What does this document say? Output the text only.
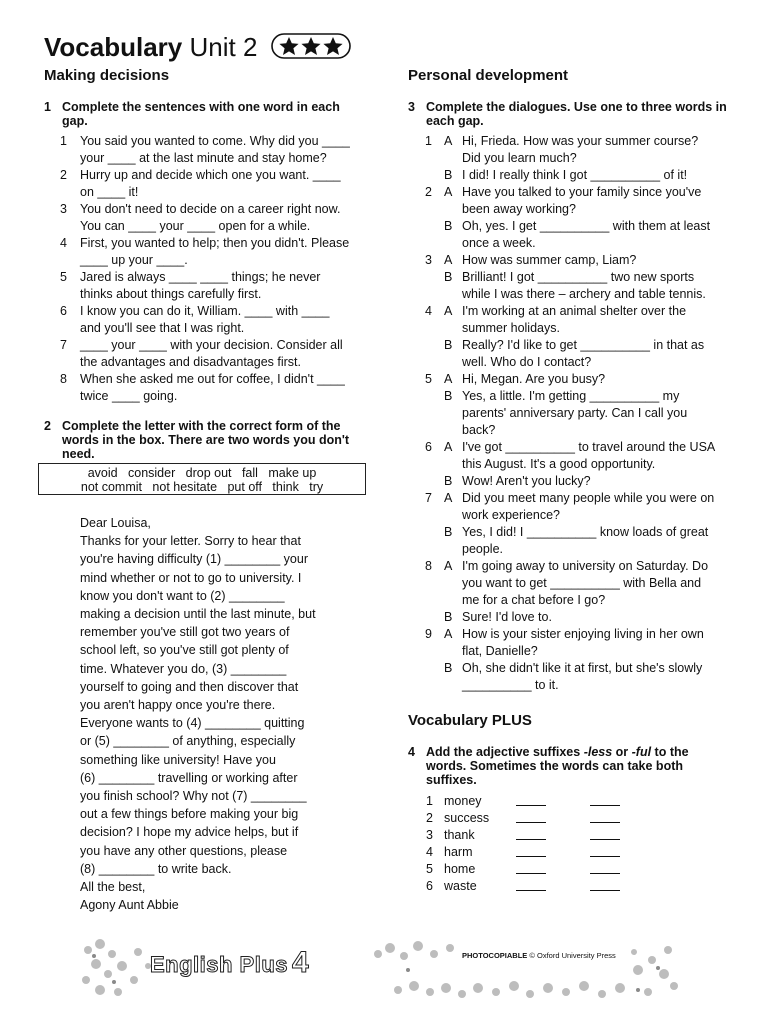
Vocabulary Unit 2
Making decisions
1 Complete the sentences with one word in each gap.
1 You said you wanted to come. Why did you ____
your ____ at the last minute and stay home?
2 Hurry up and decide which one you want. ____
on ____ it!
3 You don't need to decide on a career right now.
You can ____ your ____ open for a while.
4 First, you wanted to help; then you didn't. Please
____ up your ____.
5 Jared is always ____ ____ things; he never
thinks about things carefully first.
6 I know you can do it, William. ____ with ____
and you'll see that I was right.
7 ____ your ____ with your decision. Consider all
the advantages and disadvantages first.
8 When she asked me out for coffee, I didn't ____
twice ____ going.
2 Complete the letter with the correct form of the words in the box. There are two words you don't need.
avoid   consider   drop out   fall   make up
not commit   not hesitate   put off   think   try
Dear Louisa,
Thanks for your letter. Sorry to hear that
you're having difficulty (1) ________ your
mind whether or not to go to university. I
know you don't want to (2) ________
making a decision until the last minute, but
remember you've still got two years of
school left, so you've still got plenty of
time. Whatever you do, (3) ________
yourself to going and then discover that
you aren't happy once you're there.
Everyone wants to (4) ________ quitting
or (5) ________ of anything, especially
something like university! Have you
(6) ________ travelling or working after
you finish school? Why not (7) ________
out a few things before making your big
decision? I hope my advice helps, but if
you have any other questions, please
(8) ________ to write back.
All the best,
Agony Aunt Abbie
Personal development
3 Complete the dialogues. Use one to three words in each gap.
1 A Hi, Frieda. How was your summer course?
Did you learn much?
B I did! I really think I got __________ of it!
2 A Have you talked to your family since you've
been away working?
B Oh, yes. I get __________ with them at least
once a week.
3 A How was summer camp, Liam?
B Brilliant! I got __________ two new sports
while I was there – archery and table tennis.
4 A I'm working at an animal shelter over the
summer holidays.
B Really? I'd like to get __________ in that as
well. Who do I contact?
5 A Hi, Megan. Are you busy?
B Yes, a little. I'm getting __________ my
parents' anniversary party. Can I call you
back?
6 A I've got __________ to travel around the USA
this August. It's a good opportunity.
B Wow! Aren't you lucky?
7 A Did you meet many people while you were on
work experience?
B Yes, I did! I __________ know loads of great
people.
8 A I'm going away to university on Saturday. Do
you want to get __________ with Bella and
me for a chat before I go?
B Sure! I'd love to.
9 A How is your sister enjoying living in her own
flat, Danielle?
B Oh, she didn't like it at first, but she's slowly
__________ to it.
Vocabulary PLUS
4 Add the adjective suffixes -less or -ful to the words. Sometimes the words can take both suffixes.
1 money
2 success
3 thank
4 harm
5 home
6 waste
English Plus 4	PHOTOCOPIABLE © Oxford University Press
